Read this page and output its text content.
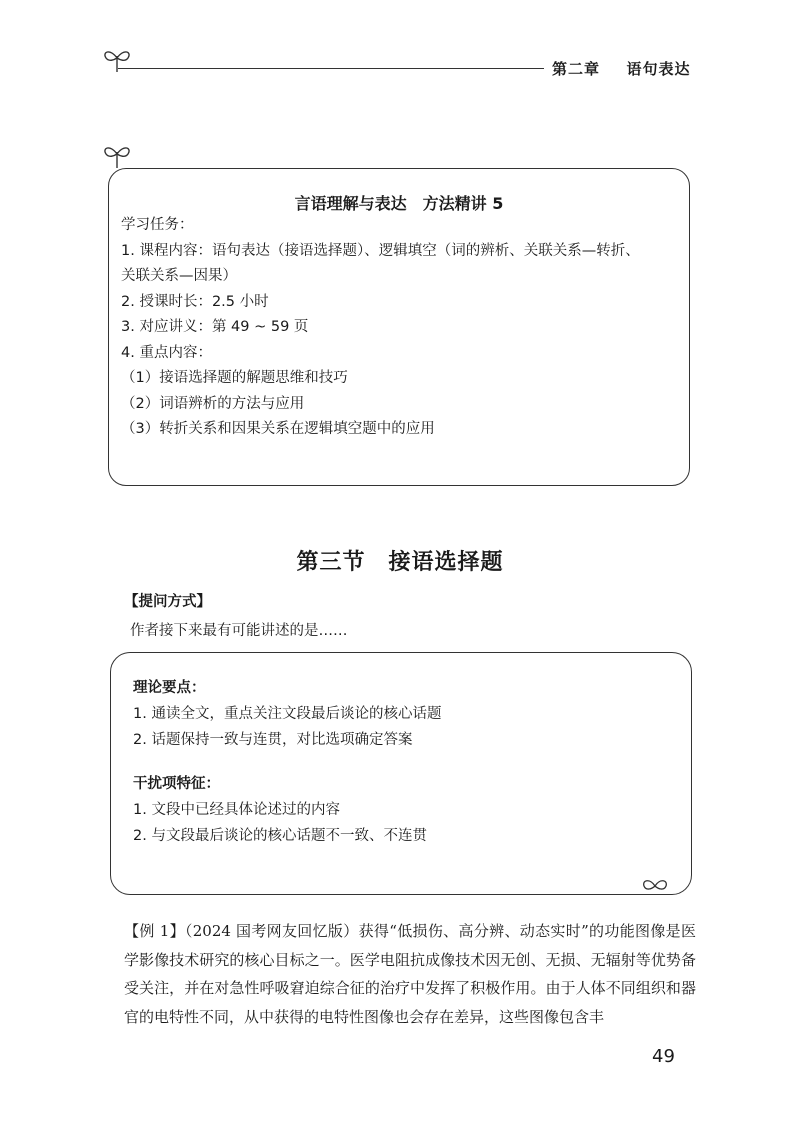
第二章 语句表达
言语理解与表达　方法精讲 5
学习任务：
1. 课程内容：语句表达（接语选择题）、逻辑填空（词的辨析、关联关系—转折、
关联关系—因果）
2. 授课时长：2.5 小时
3. 对应讲义：第 49 ~ 59 页
4. 重点内容：
（1）接语选择题的解题思维和技巧
（2）词语辨析的方法与应用
（3）转折关系和因果关系在逻辑填空题中的应用
第三节　接语选择题
【提问方式】
作者接下来最有可能讲述的是……
理论要点：
1. 通读全文，重点关注文段最后谈论的核心话题
2. 话题保持一致与连贯，对比选项确定答案
干扰项特征：
1. 文段中已经具体论述过的内容
2. 与文段最后谈论的核心话题不一致、不连贯
【例 1】（2024 国考网友回忆版）获得“低损伤、高分辨、动态实时”的功能图像是医学影像技术研究的核心目标之一。医学电阻抗成像技术因无创、无损、无辐射等优势备受关注，并在对急性呼吸窘迫综合征的治疗中发挥了积极作用。由于人体不同组织和器官的电特性不同，从中获得的电特性图像也会存在差异，这些图像包含丰
49
